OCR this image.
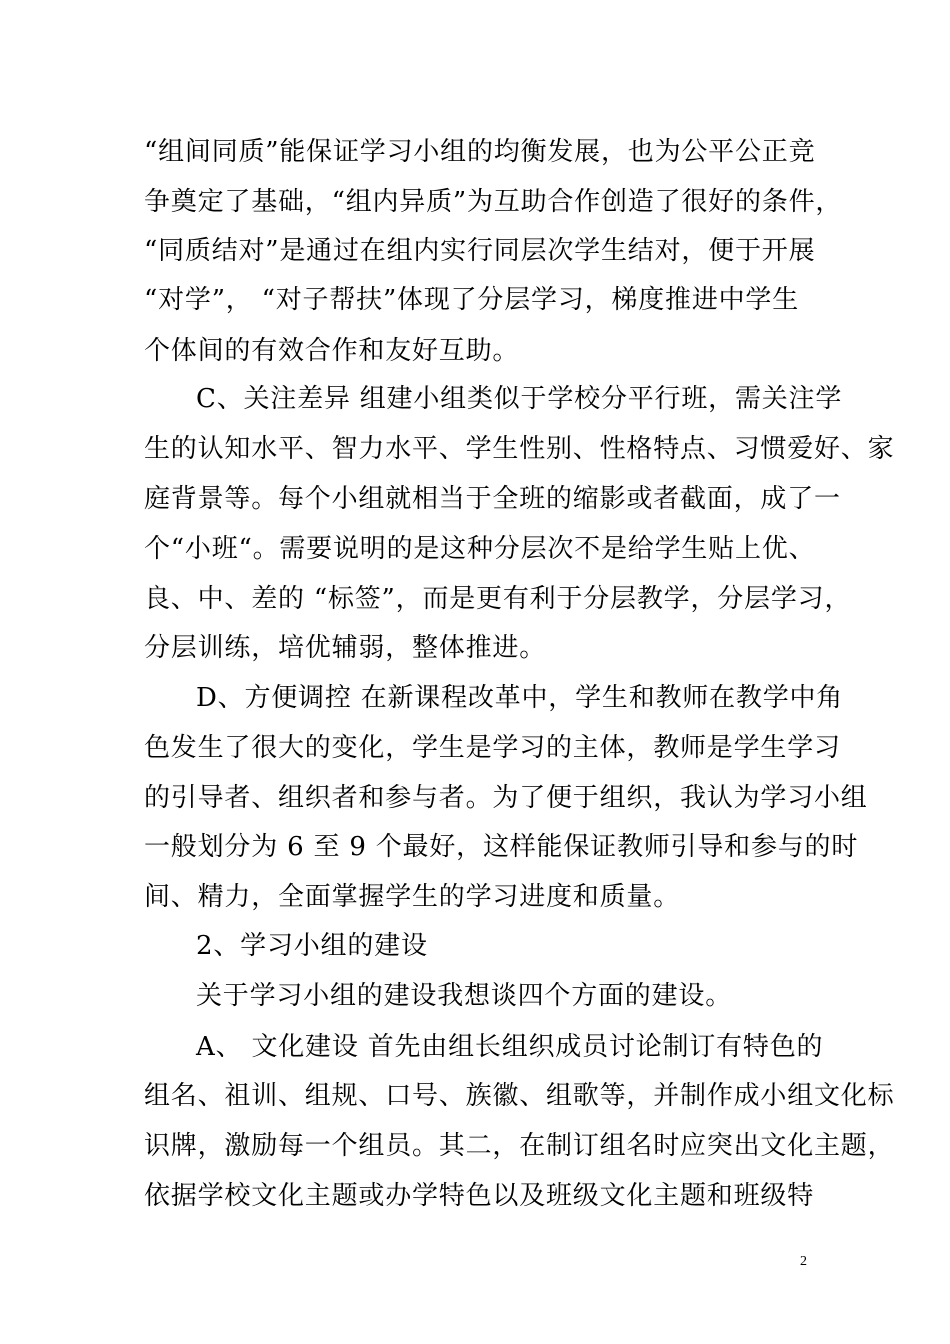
“组间同质”能保证学习小组的均衡发展，也为公平公正竞
争奠定了基础，“组内异质”为互助合作创造了很好的条件，
“同质结对”是通过在组内实行同层次学生结对，便于开展
“对学”， “对子帮扶”体现了分层学习，梯度推进中学生
个体间的有效合作和友好互助。
C、关注差异 组建小组类似于学校分平行班，需关注学
生的认知水平、智力水平、学生性别、性格特点、习惯爱好、家
庭背景等。每个小组就相当于全班的缩影或者截面，成了一
个“小班“。需要说明的是这种分层次不是给学生贴上优、
良、中、差的 “标签”，而是更有利于分层教学，分层学习，
分层训练，培优辅弱，整体推进。
D、方便调控 在新课程改革中，学生和教师在教学中角
色发生了很大的变化，学生是学习的主体，教师是学生学习
的引导者、组织者和参与者。为了便于组织，我认为学习小组
一般划分为 6 至 9 个最好，这样能保证教师引导和参与的时
间、精力，全面掌握学生的学习进度和质量。
2、学习小组的建设
关于学习小组的建设我想谈四个方面的建设。
A、 文化建设 首先由组长组织成员讨论制订有特色的
组名、祖训、组规、口号、族徽、组歌等，并制作成小组文化标
识牌，激励每一个组员。其二，在制订组名时应突出文化主题，
依据学校文化主题或办学特色以及班级文化主题和班级特
2
